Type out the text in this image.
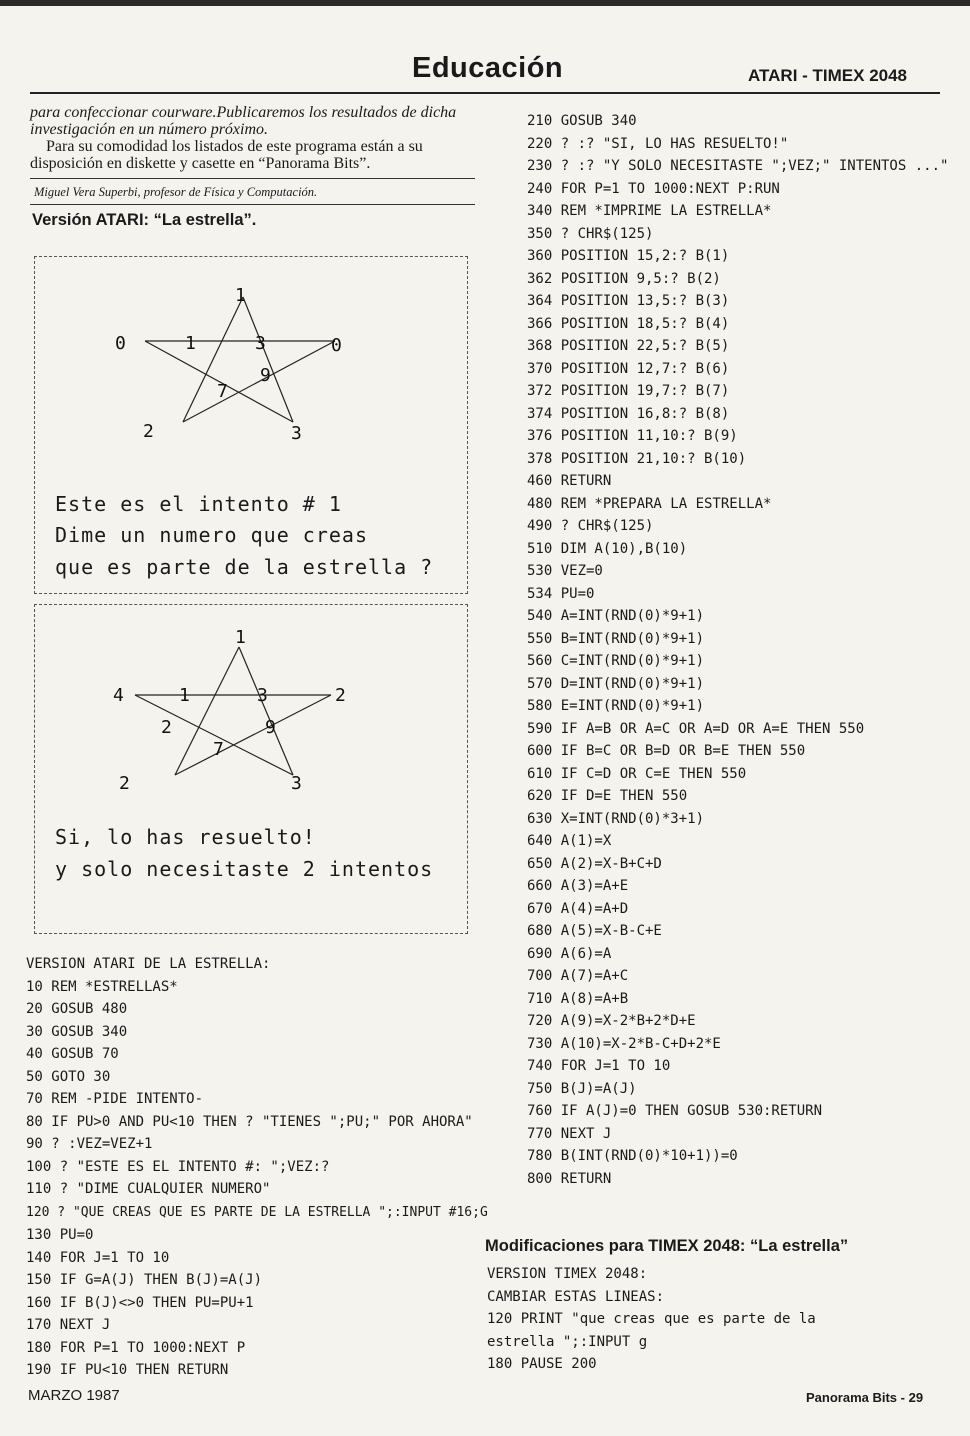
Educación	ATARI - TIMEX 2048

para confeccionar courware.Publicaremos los resultados de dicha investigación en un número próximo.

Para su comodidad los listados de este programa están a su disposición en diskette y casette en “Panorama Bits”.

Miguel Vera Superbi, profesor de Física y Computación.
Versión ATARI: “La estrella”.
1
0	1	3	0
9
7
2	3
Este es el intento # 1
Dime un numero que creas
que es parte de la estrella ?
1
4	1	3	2
2	9
7
2	3
Si, lo has resuelto!
y solo necesitaste 2 intentos
VERSION ATARI DE LA ESTRELLA:
10 REM *ESTRELLAS*
20 GOSUB 480
30 GOSUB 340
40 GOSUB 70
50 GOTO 30
70 REM -PIDE INTENTO-
80 IF PU>0 AND PU<10 THEN ? "TIENES ";PU;" POR AHORA"
90 ? :VEZ=VEZ+1
100 ? "ESTE ES EL INTENTO #: ";VEZ:?
110 ? "DIME CUALQUIER NUMERO"
120 ? "QUE CREAS QUE ES PARTE DE LA ESTRELLA ";:INPUT #16;G
130 PU=0
140 FOR J=1 TO 10
150 IF G=A(J) THEN B(J)=A(J)
160 IF B(J)<>0 THEN PU=PU+1
170 NEXT J
180 FOR P=1 TO 1000:NEXT P
190 IF PU<10 THEN RETURN
210 GOSUB 340
220 ? :? "SI, LO HAS RESUELTO!"
230 ? :? "Y SOLO NECESITASTE ";VEZ;" INTENTOS ..."
240 FOR P=1 TO 1000:NEXT P:RUN
340 REM *IMPRIME LA ESTRELLA*
350 ? CHR$(125)
360 POSITION 15,2:? B(1)
362 POSITION 9,5:? B(2)
364 POSITION 13,5:? B(3)
366 POSITION 18,5:? B(4)
368 POSITION 22,5:? B(5)
370 POSITION 12,7:? B(6)
372 POSITION 19,7:? B(7)
374 POSITION 16,8:? B(8)
376 POSITION 11,10:? B(9)
378 POSITION 21,10:? B(10)
460 RETURN
480 REM *PREPARA LA ESTRELLA*
490 ? CHR$(125)
510 DIM A(10),B(10)
530 VEZ=0
534 PU=0
540 A=INT(RND(0)*9+1)
550 B=INT(RND(0)*9+1)
560 C=INT(RND(0)*9+1)
570 D=INT(RND(0)*9+1)
580 E=INT(RND(0)*9+1)
590 IF A=B OR A=C OR A=D OR A=E THEN 550
600 IF B=C OR B=D OR B=E THEN 550
610 IF C=D OR C=E THEN 550
620 IF D=E THEN 550
630 X=INT(RND(0)*3+1)
640 A(1)=X
650 A(2)=X-B+C+D
660 A(3)=A+E
670 A(4)=A+D
680 A(5)=X-B-C+E
690 A(6)=A
700 A(7)=A+C
710 A(8)=A+B
720 A(9)=X-2*B+2*D+E
730 A(10)=X-2*B-C+D+2*E
740 FOR J=1 TO 10
750 B(J)=A(J)
760 IF A(J)=0 THEN GOSUB 530:RETURN
770 NEXT J
780 B(INT(RND(0)*10+1))=0
800 RETURN
Modificaciones para TIMEX 2048: “La estrella”
VERSION TIMEX 2048:
CAMBIAR ESTAS LINEAS:
120 PRINT "que creas que es parte de la
estrella ";:INPUT g
180 PAUSE 200
MARZO 1987	Panorama Bits - 29
